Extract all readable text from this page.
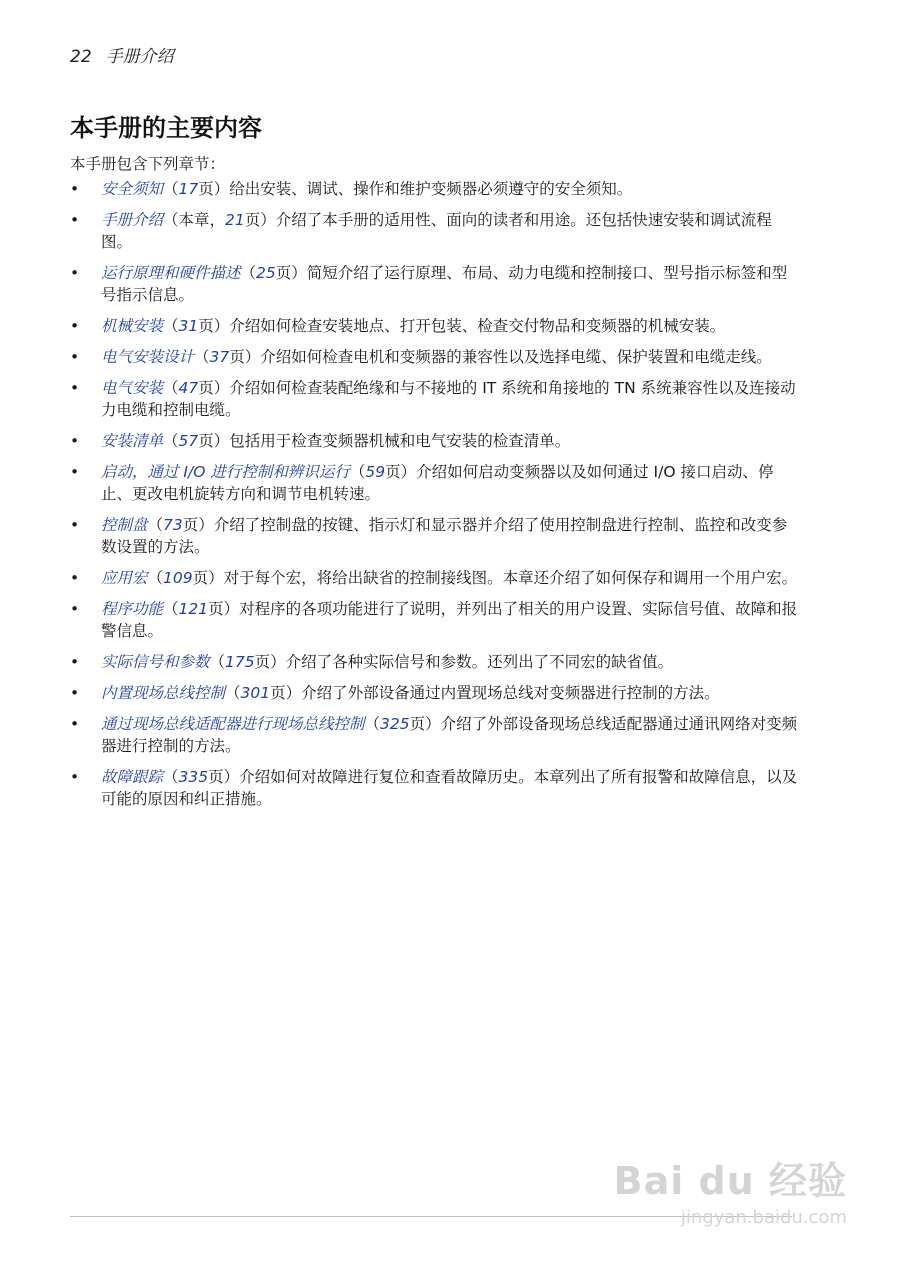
22 手册介绍
本手册的主要内容
本手册包含下列章节：
• 安全须知（17页）给出安装、调试、操作和维护变频器必须遵守的安全须知。
• 手册介绍（本章，21页）介绍了本手册的适用性、面向的读者和用途。还包括快速安装和调试流程图。
• 运行原理和硬件描述（25页）简短介绍了运行原理、布局、动力电缆和控制接口、型号指示标签和型号指示信息。
• 机械安装（31页）介绍如何检查安装地点、打开包装、检查交付物品和变频器的机械安装。
• 电气安装设计（37页）介绍如何检查电机和变频器的兼容性以及选择电缆、保护装置和电缆走线。
• 电气安装（47页）介绍如何检查装配绝缘和与不接地的 IT 系统和角接地的 TN 系统兼容性以及连接动力电缆和控制电缆。
• 安装清单（57页）包括用于检查变频器机械和电气安装的检查清单。
• 启动，通过 I/O 进行控制和辨识运行（59页）介绍如何启动变频器以及如何通过 I/O 接口启动、停止、更改电机旋转方向和调节电机转速。
• 控制盘（73页）介绍了控制盘的按键、指示灯和显示器并介绍了使用控制盘进行控制、监控和改变参数设置的方法。
• 应用宏（109页）对于每个宏，将给出缺省的控制接线图。本章还介绍了如何保存和调用一个用户宏。
• 程序功能（121页）对程序的各项功能进行了说明，并列出了相关的用户设置、实际信号值、故障和报警信息。
• 实际信号和参数（175页）介绍了各种实际信号和参数。还列出了不同宏的缺省值。
• 内置现场总线控制（301页）介绍了外部设备通过内置现场总线对变频器进行控制的方法。
• 通过现场总线适配器进行现场总线控制（325页）介绍了外部设备现场总线适配器通过通讯网络对变频器进行控制的方法。
• 故障跟踪（335页）介绍如何对故障进行复位和查看故障历史。本章列出了所有报警和故障信息，以及可能的原因和纠正措施。
Bai du 经验
jingyan.baidu.com
